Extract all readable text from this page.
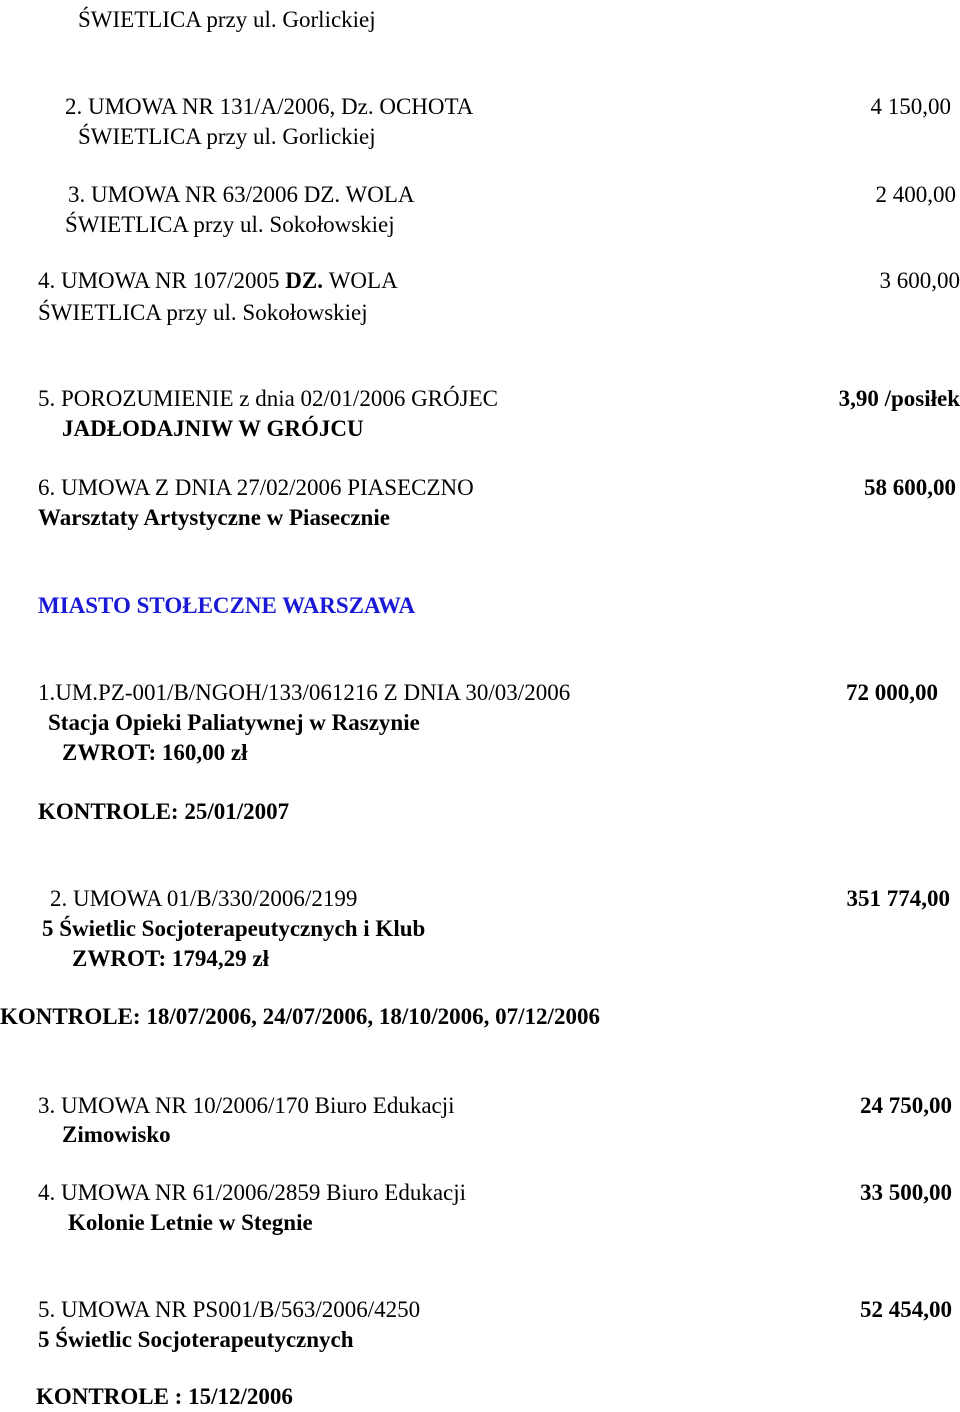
ŚWIETLICA przy ul. Gorlickiej
2. UMOWA NR 131/A/2006, Dz. OCHOTA	4 150,00
ŚWIETLICA przy ul. Gorlickiej
3. UMOWA NR 63/2006 DZ. WOLA	2 400,00
ŚWIETLICA przy ul. Sokołowskiej
4. UMOWA NR 107/2005 DZ. WOLA	3 600,00
ŚWIETLICA przy ul. Sokołowskiej
5. POROZUMIENIE z dnia 02/01/2006 GRÓJEC	3,90 /posiłek
JADŁODAJNIW W GRÓJCU
6. UMOWA Z DNIA 27/02/2006 PIASECZNO	58 600,00
Warsztaty Artystyczne w Piasecznie
MIASTO STOŁECZNE WARSZAWA
1.UM.PZ-001/B/NGOH/133/061216 Z DNIA 30/03/2006	72 000,00
Stacja Opieki Paliatywnej w Raszynie
ZWROT: 160,00 zł
KONTROLE: 25/01/2007
2. UMOWA 01/B/330/2006/2199	351 774,00
5 Świetlic Socjoterapeutycznych i Klub
ZWROT: 1794,29 zł
KONTROLE: 18/07/2006, 24/07/2006, 18/10/2006, 07/12/2006
3. UMOWA NR 10/2006/170 Biuro Edukacji	24 750,00
Zimowisko
4. UMOWA NR 61/2006/2859 Biuro Edukacji	33 500,00
Kolonie Letnie w Stegnie
5. UMOWA NR PS001/B/563/2006/4250	52 454,00
5 Świetlic Socjoterapeutycznych
KONTROLE : 15/12/2006
